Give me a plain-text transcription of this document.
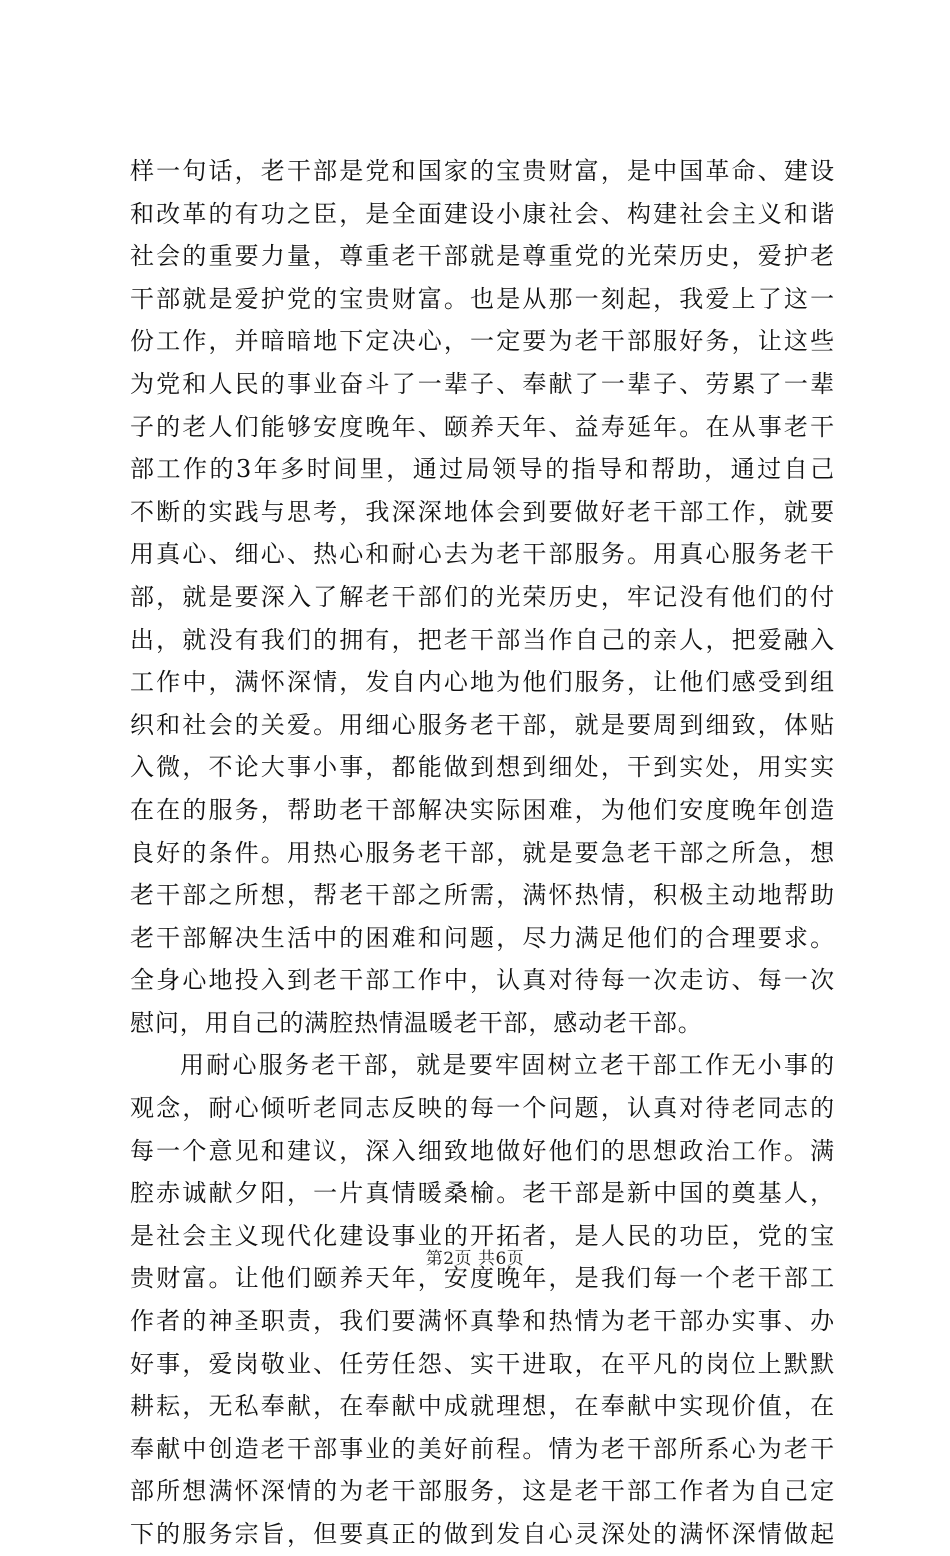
样一句话，老干部是党和国家的宝贵财富，是中国革命、建设
和改革的有功之臣，是全面建设小康社会、构建社会主义和谐
社会的重要力量，尊重老干部就是尊重党的光荣历史，爱护老
干部就是爱护党的宝贵财富。也是从那一刻起，我爱上了这一
份工作，并暗暗地下定决心，一定要为老干部服好务，让这些
为党和人民的事业奋斗了一辈子、奉献了一辈子、劳累了一辈
子的老人们能够安度晚年、颐养天年、益寿延年。在从事老干
部工作的3年多时间里，通过局领导的指导和帮助，通过自己
不断的实践与思考，我深深地体会到要做好老干部工作，就要
用真心、细心、热心和耐心去为老干部服务。用真心服务老干
部，就是要深入了解老干部们的光荣历史，牢记没有他们的付
出，就没有我们的拥有，把老干部当作自己的亲人，把爱融入
工作中，满怀深情，发自内心地为他们服务，让他们感受到组
织和社会的关爱。用细心服务老干部，就是要周到细致，体贴
入微，不论大事小事，都能做到想到细处，干到实处，用实实
在在的服务，帮助老干部解决实际困难，为他们安度晚年创造
良好的条件。用热心服务老干部，就是要急老干部之所急，想
老干部之所想，帮老干部之所需，满怀热情，积极主动地帮助
老干部解决生活中的困难和问题，尽力满足他们的合理要求。
全身心地投入到老干部工作中，认真对待每一次走访、每一次
慰问，用自己的满腔热情温暖老干部，感动老干部。
用耐心服务老干部，就是要牢固树立老干部工作无小事的
观念，耐心倾听老同志反映的每一个问题，认真对待老同志的
每一个意见和建议，深入细致地做好他们的思想政治工作。满
腔赤诚献夕阳，一片真情暖桑榆。老干部是新中国的奠基人，
是社会主义现代化建设事业的开拓者，是人民的功臣，党的宝
贵财富。让他们颐养天年，安度晚年，是我们每一个老干部工
作者的神圣职责，我们要满怀真挚和热情为老干部办实事、办
好事，爱岗敬业、任劳任怨、实干进取，在平凡的岗位上默默
耕耘，无私奉献，在奉献中成就理想，在奉献中实现价值，在
奉献中创造老干部事业的美好前程。情为老干部所系心为老干
部所想满怀深情的为老干部服务，这是老干部工作者为自己定
下的服务宗旨，但要真正的做到发自心灵深处的满怀深情做起
第2页 共6页
